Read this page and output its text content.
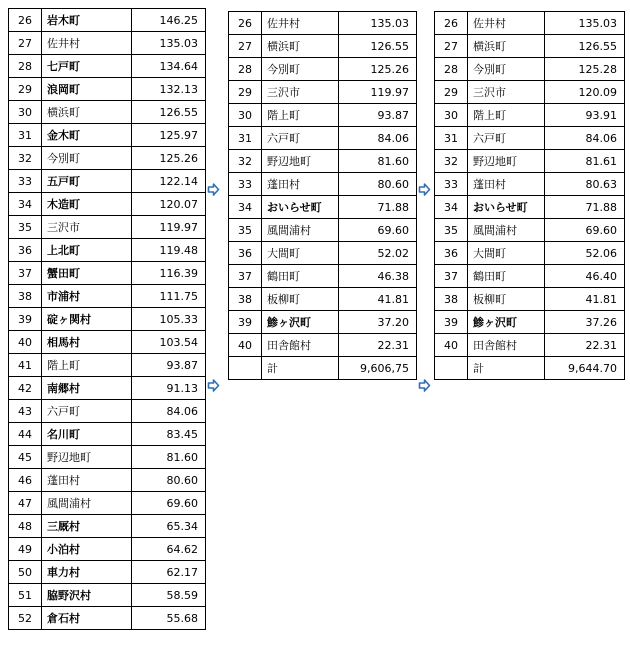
26	岩木町	146.25
27	佐井村	135.03
28	七戸町	134.64
29	浪岡町	132.13
30	横浜町	126.55
31	金木町	125.97
32	今別町	125.26
33	五戸町	122.14
34	木造町	120.07
35	三沢市	119.97
36	上北町	119.48
37	蟹田町	116.39
38	市浦村	111.75
39	碇ヶ関村	105.33
40	相馬村	103.54
41	階上町	93.87
42	南郷村	91.13
43	六戸町	84.06
44	名川町	83.45
45	野辺地町	81.60
46	蓬田村	80.60
47	風間浦村	69.60
48	三厩村	65.34
49	小泊村	64.62
50	車力村	62.17
51	脇野沢村	58.59
52	倉石村	55.68
26	佐井村	135.03
27	横浜町	126.55
28	今別町	125.26
29	三沢市	119.97
30	階上町	93.87
31	六戸町	84.06
32	野辺地町	81.60
33	蓬田村	80.60
34	おいらせ町	71.88
35	風間浦村	69.60
36	大間町	52.02
37	鶴田町	46.38
38	板柳町	41.81
39	鯵ヶ沢町	37.20
40	田舎館村	22.31
	計	9,606,75
26	佐井村	135.03
27	横浜町	126.55
28	今別町	125.28
29	三沢市	120.09
30	階上町	93.91
31	六戸町	84.06
32	野辺地町	81.61
33	蓬田村	80.63
34	おいらせ町	71.88
35	風間浦村	69.60
36	大間町	52.06
37	鶴田町	46.40
38	板柳町	41.81
39	鯵ヶ沢町	37.26
40	田舎館村	22.31
	計	9,644.70
